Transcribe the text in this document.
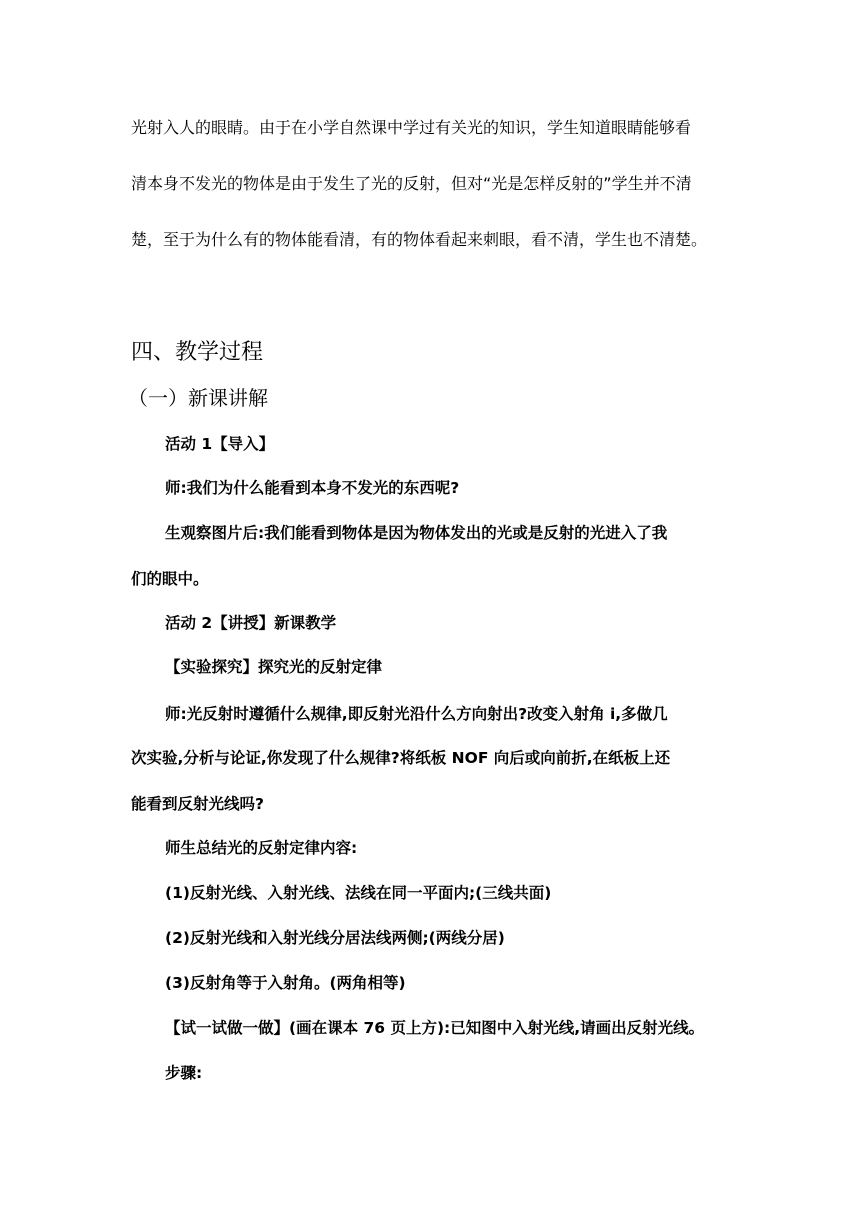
光射入人的眼睛。由于在小学自然课中学过有关光的知识，学生知道眼睛能够看
清本身不发光的物体是由于发生了光的反射，但对“光是怎样反射的”学生并不清
楚，至于为什么有的物体能看清，有的物体看起来刺眼，看不清，学生也不清楚。
四、教学过程
（一）新课讲解
活动 1【导入】
师:我们为什么能看到本身不发光的东西呢?
生观察图片后:我们能看到物体是因为物体发出的光或是反射的光进入了我
们的眼中。
活动 2【讲授】新课教学
【实验探究】探究光的反射定律
师:光反射时遵循什么规律,即反射光沿什么方向射出?改变入射角 i,多做几
次实验,分析与论证,你发现了什么规律?将纸板 NOF 向后或向前折,在纸板上还
能看到反射光线吗?
师生总结光的反射定律内容:
(1)反射光线、入射光线、法线在同一平面内;(三线共面)
(2)反射光线和入射光线分居法线两侧;(两线分居)
(3)反射角等于入射角。(两角相等)
【试一试做一做】(画在课本 76 页上方):已知图中入射光线,请画出反射光线。
步骤:
